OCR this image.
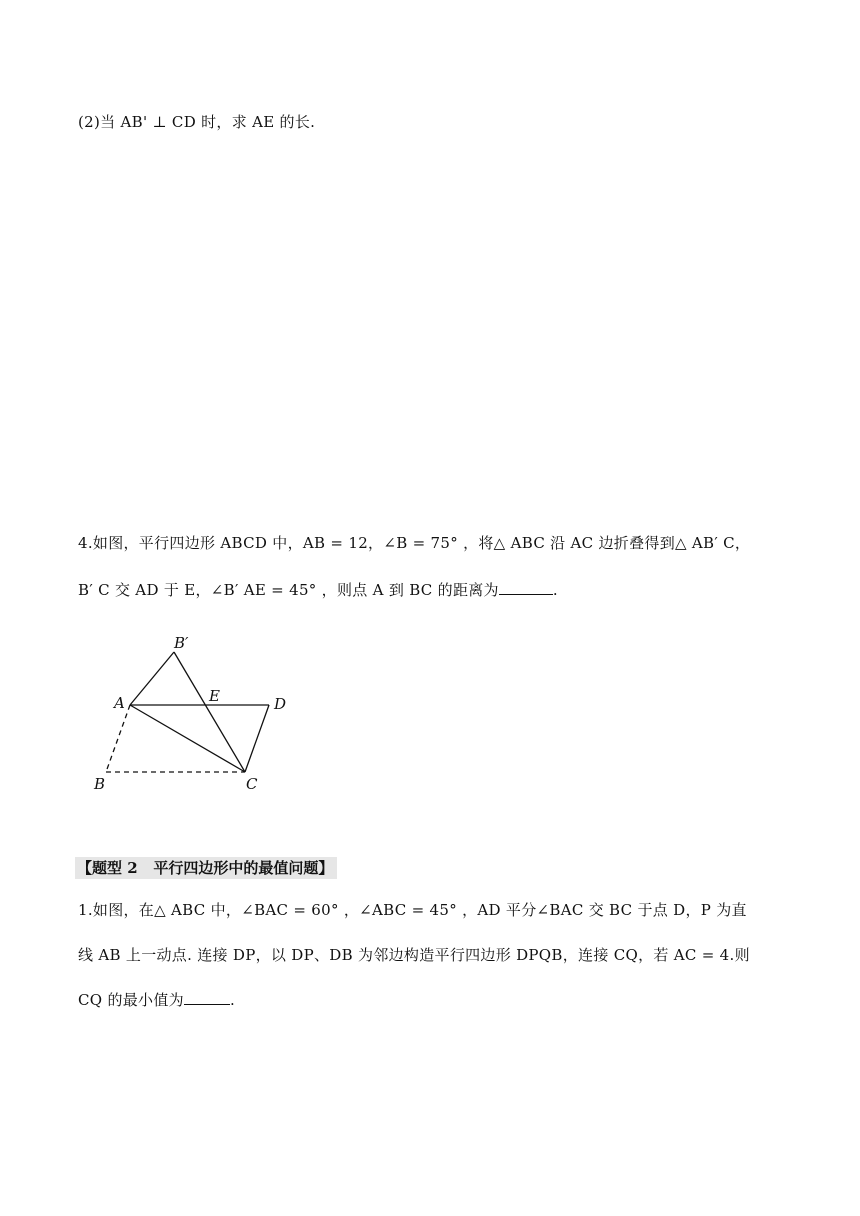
(2)当 AB' ⊥ CD 时，求 AE 的长.
4.如图，平行四边形 ABCD 中，AB = 12，∠B = 75° ，将△ ABC 沿 AC 边折叠得到△ AB′ C，
B′ C 交 AD 于 E，∠B′ AE = 45° ，则点 A 到 BC 的距离为	.
B′
A	E	D
B	C
【题型 2   平行四边形中的最值问题】
1.如图，在△ ABC 中，∠BAC = 60° ，∠ABC = 45° ，AD 平分∠BAC 交 BC 于点 D，P 为直
线 AB 上一动点. 连接 DP，以 DP、DB 为邻边构造平行四边形 DPQB，连接 CQ，若 AC = 4.则
CQ 的最小值为	.
